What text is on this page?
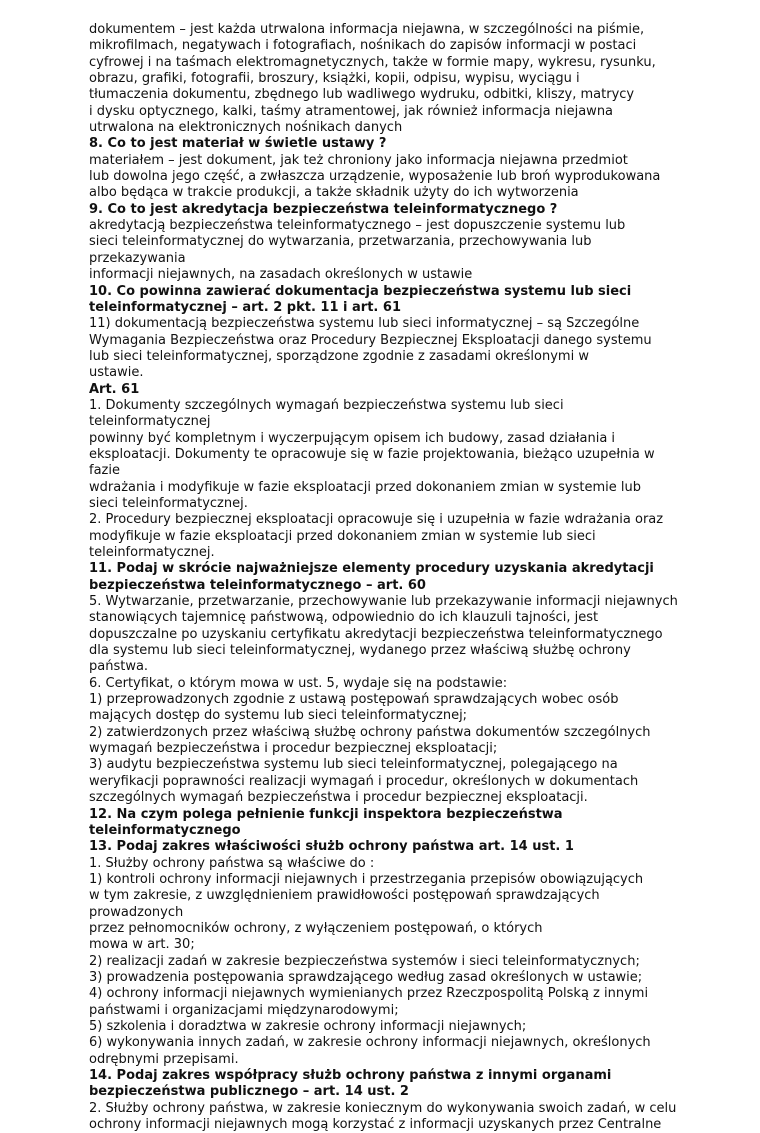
dokumentem – jest każda utrwalona informacja niejawna, w szczególności na piśmie,
mikrofilmach, negatywach i fotografiach, nośnikach do zapisów informacji w postaci
cyfrowej i na taśmach elektromagnetycznych, także w formie mapy, wykresu, rysunku,
obrazu, grafiki, fotografii, broszury, książki, kopii, odpisu, wypisu, wyciągu i
tłumaczenia dokumentu, zbędnego lub wadliwego wydruku, odbitki, kliszy, matrycy
i dysku optycznego, kalki, taśmy atramentowej, jak również informacja niejawna
utrwalona na elektronicznych nośnikach danych
8. Co to jest materiał w świetle ustawy ?
materiałem – jest dokument, jak też chroniony jako informacja niejawna przedmiot
lub dowolna jego część, a zwłaszcza urządzenie, wyposażenie lub broń wyprodukowana
albo będąca w trakcie produkcji, a także składnik użyty do ich wytworzenia
9. Co to jest akredytacja bezpieczeństwa teleinformatycznego ?
akredytacją bezpieczeństwa teleinformatycznego – jest dopuszczenie systemu lub
sieci teleinformatycznej do wytwarzania, przetwarzania, przechowywania lub
przekazywania
informacji niejawnych, na zasadach określonych w ustawie
10. Co powinna zawierać dokumentacja bezpieczeństwa systemu lub sieci
teleinformatycznej – art. 2 pkt. 11 i art. 61
11) dokumentacją bezpieczeństwa systemu lub sieci informatycznej – są Szczególne
Wymagania Bezpieczeństwa oraz Procedury Bezpiecznej Eksploatacji danego systemu
lub sieci teleinformatycznej, sporządzone zgodnie z zasadami określonymi w
ustawie.
Art. 61
1. Dokumenty szczególnych wymagań bezpieczeństwa systemu lub sieci
teleinformatycznej
powinny być kompletnym i wyczerpującym opisem ich budowy, zasad działania i
eksploatacji. Dokumenty te opracowuje się w fazie projektowania, bieżąco uzupełnia w
fazie
wdrażania i modyfikuje w fazie eksploatacji przed dokonaniem zmian w systemie lub
sieci teleinformatycznej.
2. Procedury bezpiecznej eksploatacji opracowuje się i uzupełnia w fazie wdrażania oraz
modyfikuje w fazie eksploatacji przed dokonaniem zmian w systemie lub sieci
teleinformatycznej.
11. Podaj w skrócie najważniejsze elementy procedury uzyskania akredytacji
bezpieczeństwa teleinformatycznego – art. 60
5. Wytwarzanie, przetwarzanie, przechowywanie lub przekazywanie informacji niejawnych
stanowiących tajemnicę państwową, odpowiednio do ich klauzuli tajności, jest
dopuszczalne po uzyskaniu certyfikatu akredytacji bezpieczeństwa teleinformatycznego
dla systemu lub sieci teleinformatycznej, wydanego przez właściwą służbę ochrony
państwa.
6. Certyfikat, o którym mowa w ust. 5, wydaje się na podstawie:
1) przeprowadzonych zgodnie z ustawą postępowań sprawdzających wobec osób
mających dostęp do systemu lub sieci teleinformatycznej;
2) zatwierdzonych przez właściwą służbę ochrony państwa dokumentów szczególnych
wymagań bezpieczeństwa i procedur bezpiecznej eksploatacji;
3) audytu bezpieczeństwa systemu lub sieci teleinformatycznej, polegającego na
weryfikacji poprawności realizacji wymagań i procedur, określonych w dokumentach
szczególnych wymagań bezpieczeństwa i procedur bezpiecznej eksploatacji.
12. Na czym polega pełnienie funkcji inspektora bezpieczeństwa
teleinformatycznego
13. Podaj zakres właściwości służb ochrony państwa art. 14 ust. 1
1. Służby ochrony państwa są właściwe do :
1) kontroli ochrony informacji niejawnych i przestrzegania przepisów obowiązujących
w tym zakresie, z uwzględnieniem prawidłowości postępowań sprawdzających
prowadzonych
przez pełnomocników ochrony, z wyłączeniem postępowań, o których
mowa w art. 30;
2) realizacji zadań w zakresie bezpieczeństwa systemów i sieci teleinformatycznych;
3) prowadzenia postępowania sprawdzającego według zasad określonych w ustawie;
4) ochrony informacji niejawnych wymienianych przez Rzeczpospolitą Polską z innymi
państwami i organizacjami międzynarodowymi;
5) szkolenia i doradztwa w zakresie ochrony informacji niejawnych;
6) wykonywania innych zadań, w zakresie ochrony informacji niejawnych, określonych
odrębnymi przepisami.
14. Podaj zakres współpracy służb ochrony państwa z innymi organami
bezpieczeństwa publicznego – art. 14 ust. 2
2. Służby ochrony państwa, w zakresie koniecznym do wykonywania swoich zadań, w celu
ochrony informacji niejawnych mogą korzystać z informacji uzyskanych przez Centralne
